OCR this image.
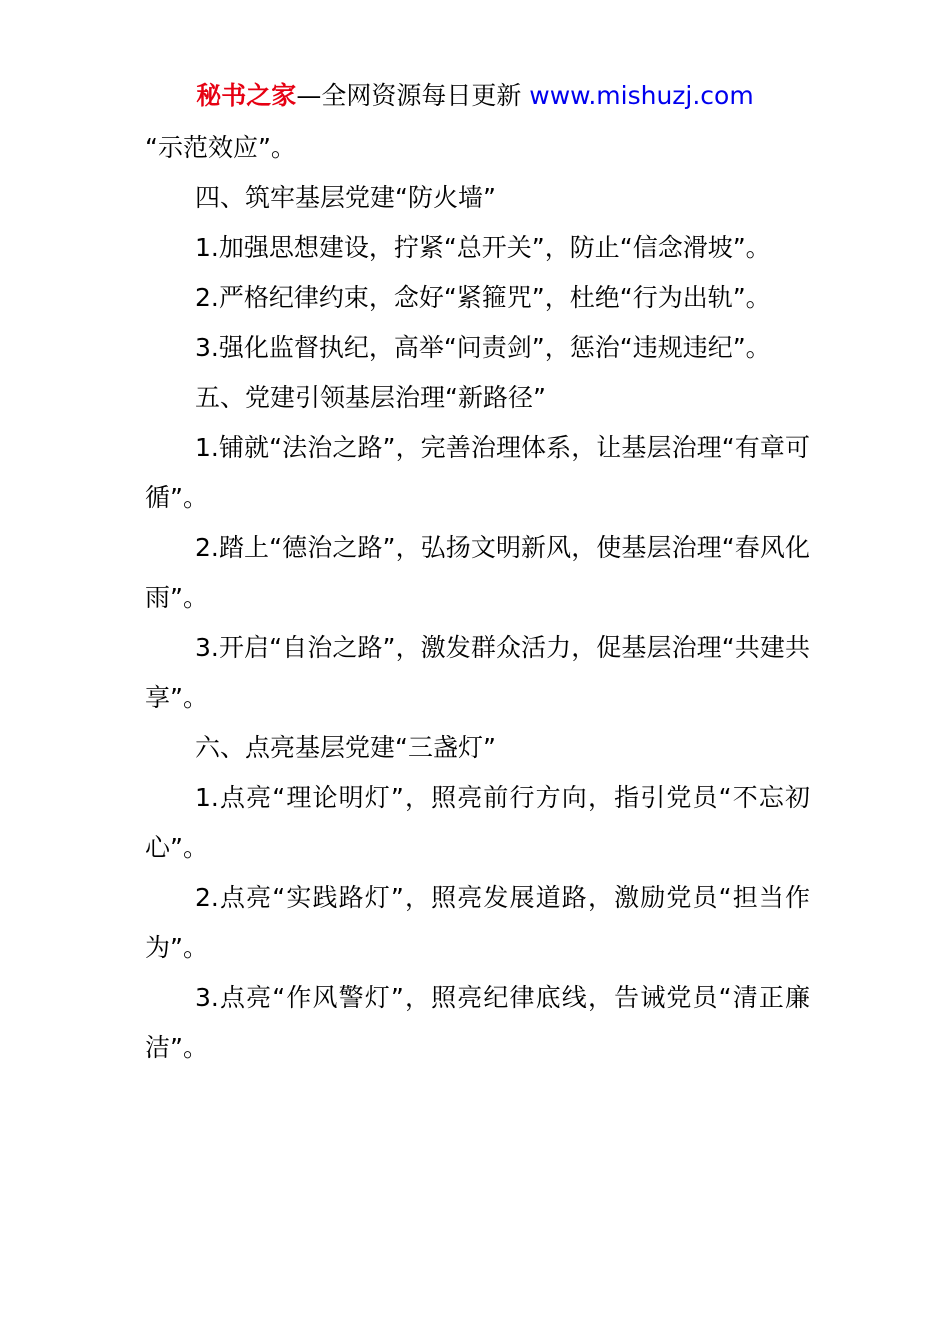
秘书之家—全网资源每日更新 www.mishuzj.com

“示范效应”。

四、筑牢基层党建“防火墙”

1.加强思想建设，拧紧“总开关”，防止“信念滑坡”。

2.严格纪律约束，念好“紧箍咒”，杜绝“行为出轨”。

3.强化监督执纪，高举“问责剑”，惩治“违规违纪”。

五、党建引领基层治理“新路径”

1.铺就“法治之路”，完善治理体系，让基层治理“有章可循”。

2.踏上“德治之路”，弘扬文明新风，使基层治理“春风化雨”。

3.开启“自治之路”，激发群众活力，促基层治理“共建共享”。

六、点亮基层党建“三盏灯”

1.点亮“理论明灯”，照亮前行方向，指引党员“不忘初心”。

2.点亮“实践路灯”，照亮发展道路，激励党员“担当作为”。

3.点亮“作风警灯”，照亮纪律底线，告诫党员“清正廉洁”。
